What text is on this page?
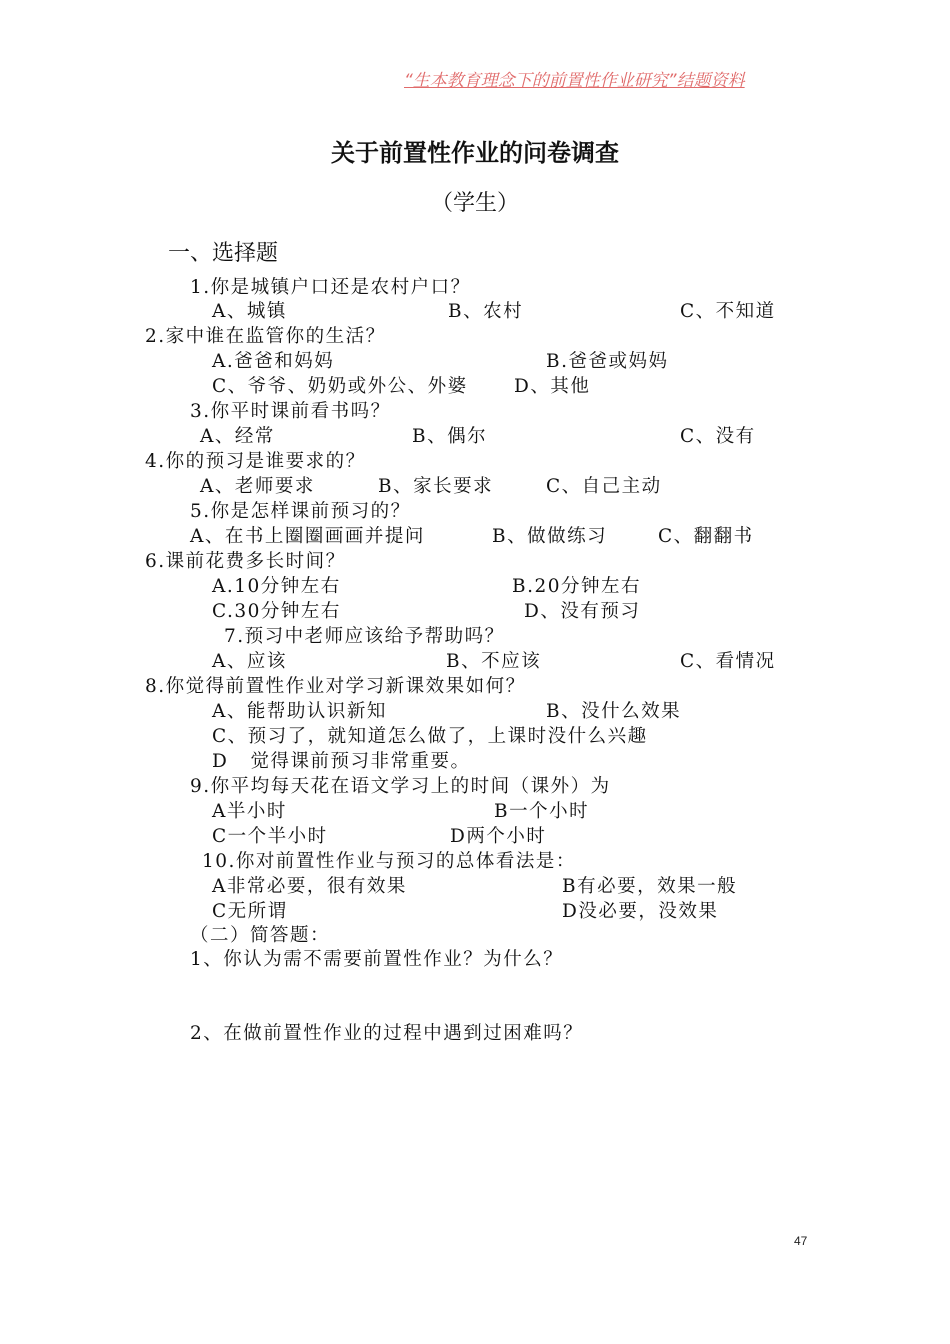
“生本教育理念下的前置性作业研究”结题资料
关于前置性作业的问卷调查
（学生）
一、选择题
1.你是城镇户口还是农村户口？
A、城镇	B、农村	C、不知道
2.家中谁在监管你的生活？
A.爸爸和妈妈	B.爸爸或妈妈
C、爷爷、奶奶或外公、外婆	D、其他
3.你平时课前看书吗？
A、经常	B、偶尔	C、没有
4.你的预习是谁要求的？
A、老师要求	B、家长要求	C、自己主动
5.你是怎样课前预习的？
A、在书上圈圈画画并提问	B、做做练习	C、翻翻书
6.课前花费多长时间？
A.10分钟左右	B.20分钟左右
C.30分钟左右	D、没有预习
7.预习中老师应该给予帮助吗？
A、应该	B、不应该	C、看情况
8.你觉得前置性作业对学习新课效果如何？
A、能帮助认识新知	B、没什么效果
C、预习了，就知道怎么做了，上课时没什么兴趣
D   觉得课前预习非常重要。
9.你平均每天花在语文学习上的时间（课外）为
A半小时	B一个小时
C一个半小时	D两个小时
10.你对前置性作业与预习的总体看法是：
A非常必要，很有效果	B有必要，效果一般
C无所谓	D没必要，没效果
（二）简答题：
1、你认为需不需要前置性作业？为什么？
2、在做前置性作业的过程中遇到过困难吗？
47
